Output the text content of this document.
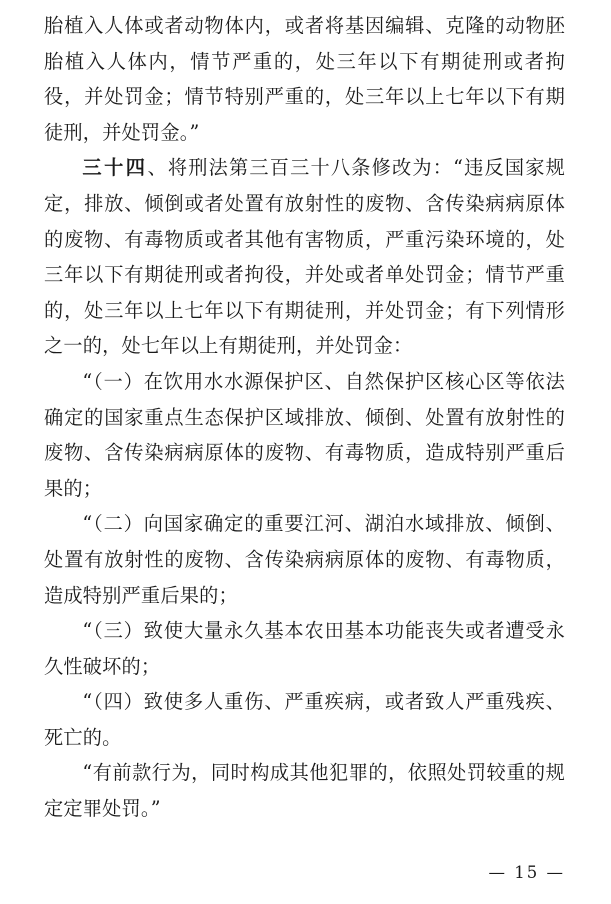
胎植入人体或者动物体内，或者将基因编辑、克隆的动物胚胎植入人体内，情节严重的，处三年以下有期徒刑或者拘役，并处罚金；情节特别严重的，处三年以上七年以下有期徒刑，并处罚金。”

三十四、将刑法第三百三十八条修改为：“违反国家规定，排放、倾倒或者处置有放射性的废物、含传染病病原体的废物、有毒物质或者其他有害物质，严重污染环境的，处三年以下有期徒刑或者拘役，并处或者单处罚金；情节严重的，处三年以上七年以下有期徒刑，并处罚金；有下列情形之一的，处七年以上有期徒刑，并处罚金：

“（一）在饮用水水源保护区、自然保护区核心区等依法确定的国家重点生态保护区域排放、倾倒、处置有放射性的废物、含传染病病原体的废物、有毒物质，造成特别严重后果的；

“（二）向国家确定的重要江河、湖泊水域排放、倾倒、处置有放射性的废物、含传染病病原体的废物、有毒物质，造成特别严重后果的；

“（三）致使大量永久基本农田基本功能丧失或者遭受永久性破坏的；

“（四）致使多人重伤、严重疾病，或者致人严重残疾、死亡的。

“有前款行为，同时构成其他犯罪的，依照处罚较重的规定定罪处罚。”

— 15 —
